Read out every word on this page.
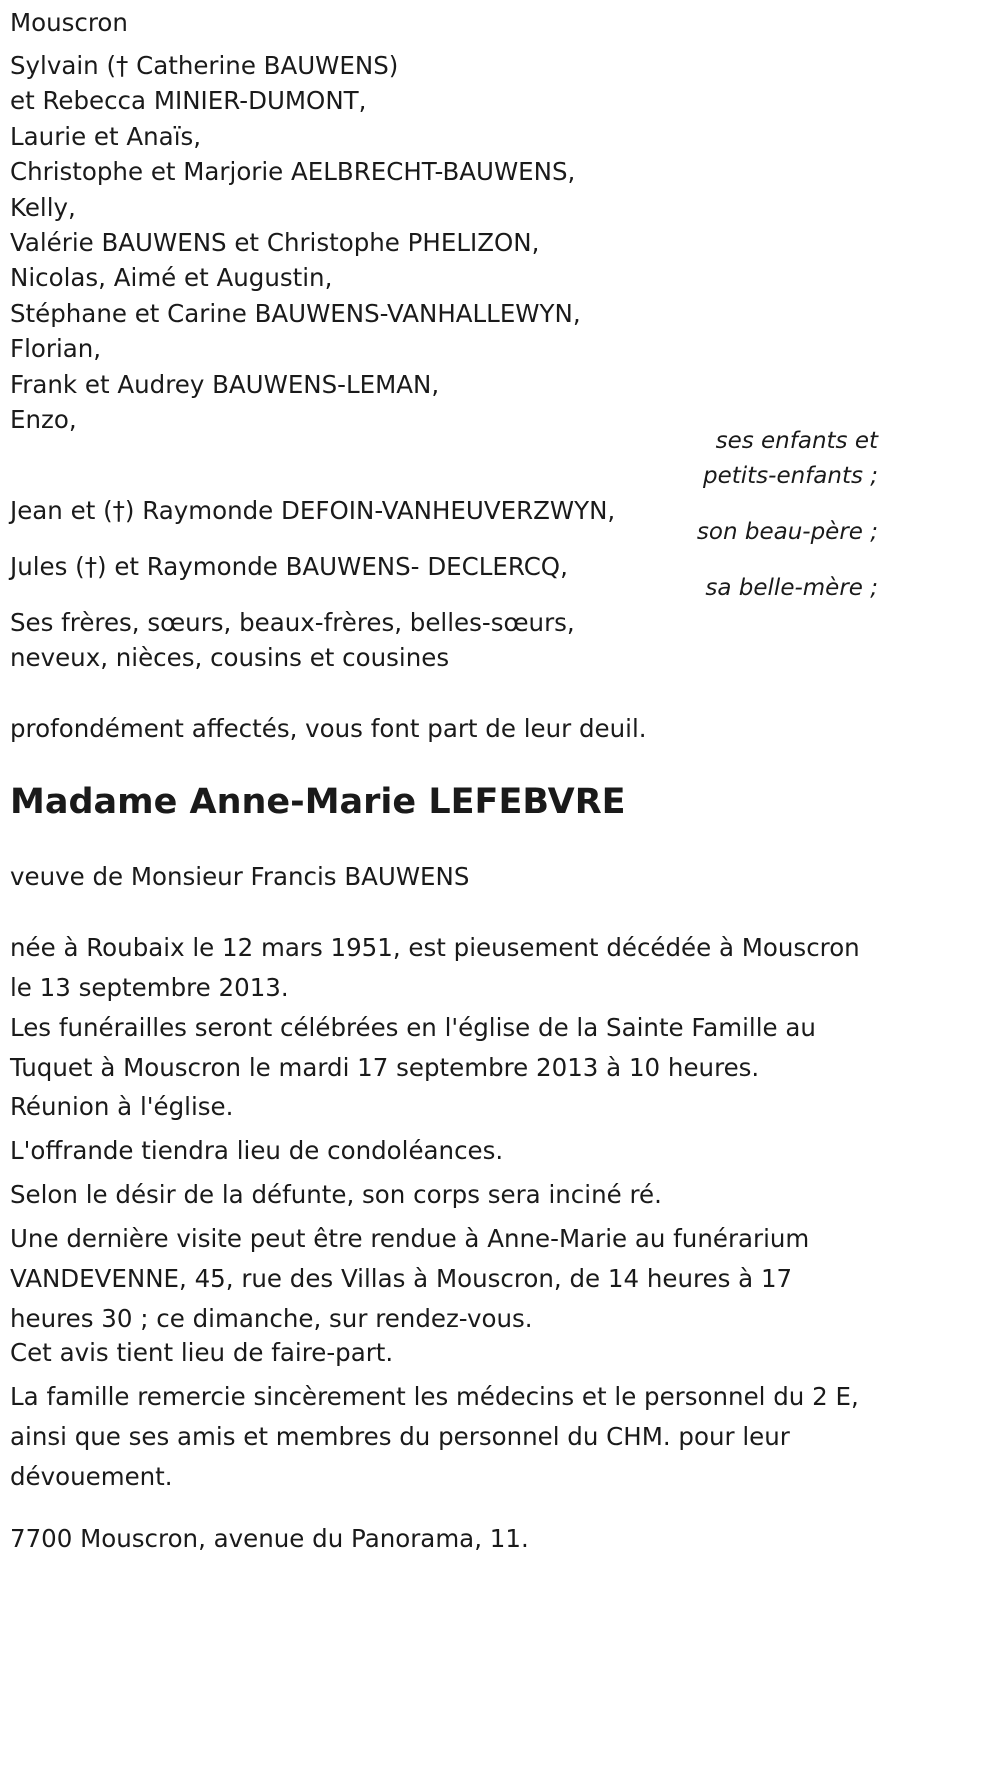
Mouscron
Sylvain († Catherine BAUWENS)
et Rebecca MINIER-DUMONT,
Laurie et Anaïs,
Christophe et Marjorie AELBRECHT-BAUWENS,
Kelly,
Valérie BAUWENS et Christophe PHELIZON,
Nicolas, Aimé et Augustin,
Stéphane et Carine BAUWENS-VANHALLEWYN,
Florian,
Frank et Audrey BAUWENS-LEMAN,
Enzo,
ses enfants et
petits-enfants ;
Jean et (†) Raymonde DEFOIN-VANHEUVERZWYN,
son beau-père ;
Jules (†) et Raymonde BAUWENS- DECLERCQ,
sa belle-mère ;
Ses frères, sœurs, beaux-frères, belles-sœurs,
neveux, nièces, cousins et cousines
profondément affectés, vous font part de leur deuil.
Madame Anne-Marie LEFEBVRE
veuve de Monsieur Francis BAUWENS
née à Roubaix le 12 mars 1951, est pieusement décédée à Mouscron le 13 septembre 2013.
Les funérailles seront célébrées en l'église de la Sainte Famille au Tuquet à Mouscron le mardi 17 septembre 2013 à 10 heures.
Réunion à l'église.
L'offrande tiendra lieu de condoléances.
Selon le désir de la défunte, son corps sera inciné ré.
Une dernière visite peut être rendue à Anne-Marie au funérarium VANDEVENNE, 45, rue des Villas à Mouscron, de 14 heures à 17 heures 30 ; ce dimanche, sur rendez-vous.
Cet avis tient lieu de faire-part.
La famille remercie sincèrement les médecins et le personnel du 2 E, ainsi que ses amis et membres du personnel du CHM. pour leur dévouement.
7700 Mouscron, avenue du Panorama, 11.
